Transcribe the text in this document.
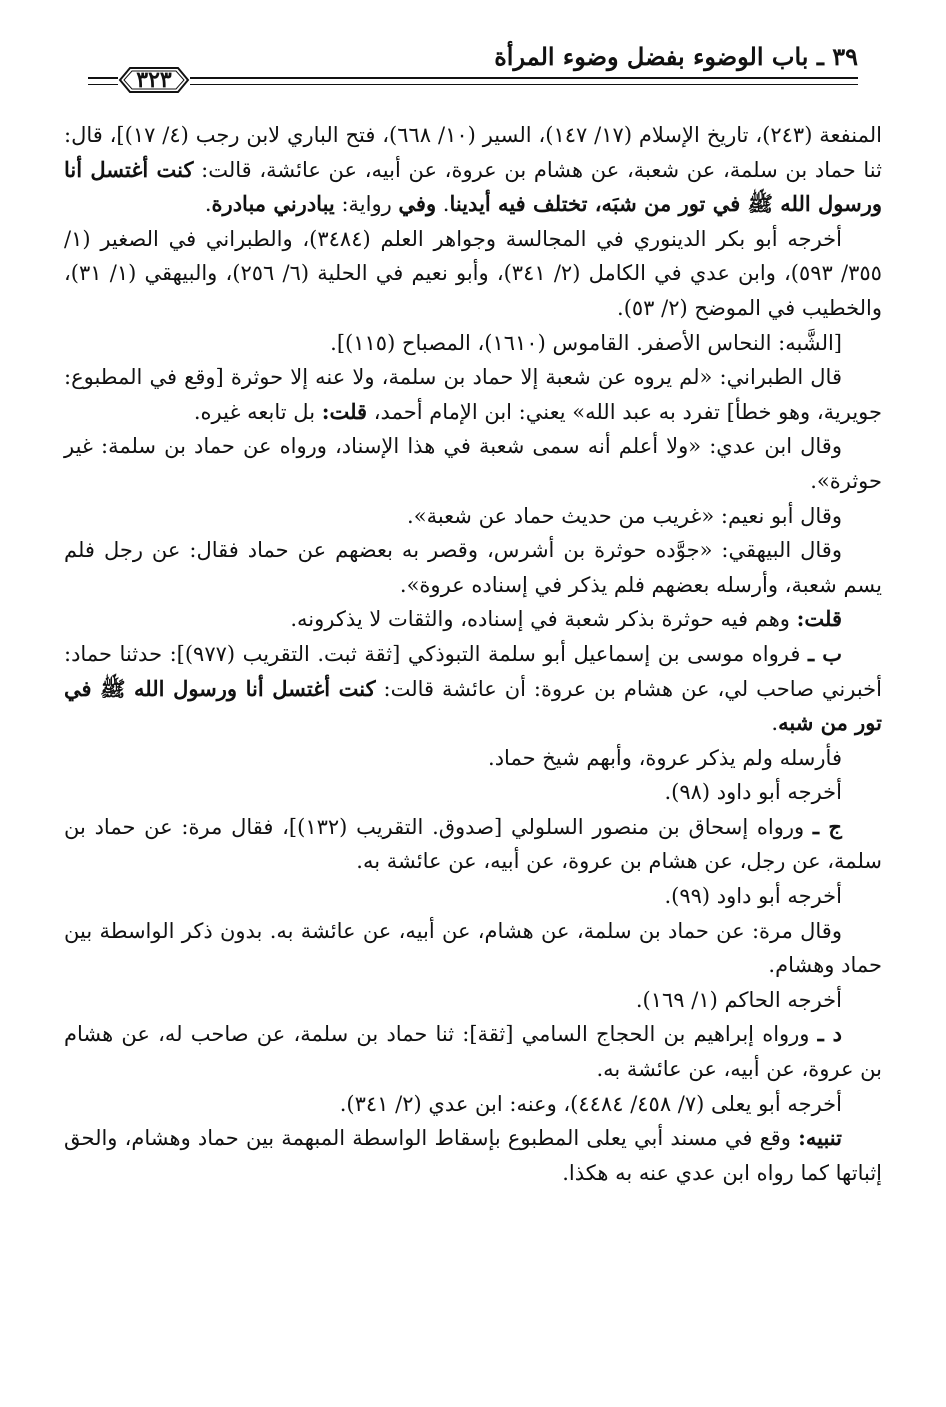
٣٩ ـ باب الوضوء بفضل وضوء المرأة
٣٢٣

المنفعة (٢٤٣)، تاريخ الإسلام (١٧/ ١٤٧)، السير (١٠/ ٦٦٨)، فتح الباري لابن رجب (٤/ ١٧)]، قال: ثنا حماد بن سلمة، عن شعبة، عن هشام بن عروة، عن أبيه، عن عائشة، قالت: كنت أغتسل أنا ورسول الله ﷺ في تور من شبَه، تختلف فيه أيدينا. وفي رواية: يبادرني مبادرة.

أخرجه أبو بكر الدينوري في المجالسة وجواهر العلم (٣٤٨٤)، والطبراني في الصغير (١/ ٣٥٥/ ٥٩٣)، وابن عدي في الكامل (٢/ ٣٤١)، وأبو نعيم في الحلية (٦/ ٢٥٦)، والبيهقي (١/ ٣١)، والخطيب في الموضح (٢/ ٥٣).

[الشَّبه: النحاس الأصفر. القاموس (١٦١٠)، المصباح (١١٥)].

قال الطبراني: «لم يروه عن شعبة إلا حماد بن سلمة، ولا عنه إلا حوثرة [وقع في المطبوع: جويرية، وهو خطأ] تفرد به عبد الله» يعني: ابن الإمام أحمد، قلت: بل تابعه غيره.

وقال ابن عدي: «ولا أعلم أنه سمى شعبة في هذا الإسناد، ورواه عن حماد بن سلمة: غير حوثرة».

وقال أبو نعيم: «غريب من حديث حماد عن شعبة».

وقال البيهقي: «جوَّده حوثرة بن أشرس، وقصر به بعضهم عن حماد فقال: عن رجل فلم يسم شعبة، وأرسله بعضهم فلم يذكر في إسناده عروة».

قلت: وهم فيه حوثرة بذكر شعبة في إسناده، والثقات لا يذكرونه.

ب ـ فرواه موسى بن إسماعيل أبو سلمة التبوذكي [ثقة ثبت. التقريب (٩٧٧)]: حدثنا حماد: أخبرني صاحب لي، عن هشام بن عروة: أن عائشة قالت: كنت أغتسل أنا ورسول الله ﷺ في تور من شبه.

فأرسله ولم يذكر عروة، وأبهم شيخ حماد.

أخرجه أبو داود (٩٨).

ج ـ ورواه إسحاق بن منصور السلولي [صدوق. التقريب (١٣٢)]، فقال مرة: عن حماد بن سلمة، عن رجل، عن هشام بن عروة، عن أبيه، عن عائشة به.

أخرجه أبو داود (٩٩).

وقال مرة: عن حماد بن سلمة، عن هشام، عن أبيه، عن عائشة به. بدون ذكر الواسطة بين حماد وهشام.

أخرجه الحاكم (١/ ١٦٩).

د ـ ورواه إبراهيم بن الحجاج السامي [ثقة]: ثنا حماد بن سلمة، عن صاحب له، عن هشام بن عروة، عن أبيه، عن عائشة به.

أخرجه أبو يعلى (٧/ ٤٥٨/ ٤٤٨٤)، وعنه: ابن عدي (٢/ ٣٤١).

تنبيه: وقع في مسند أبي يعلى المطبوع بإسقاط الواسطة المبهمة بين حماد وهشام، والحق إثباتها كما رواه ابن عدي عنه به هكذا.
